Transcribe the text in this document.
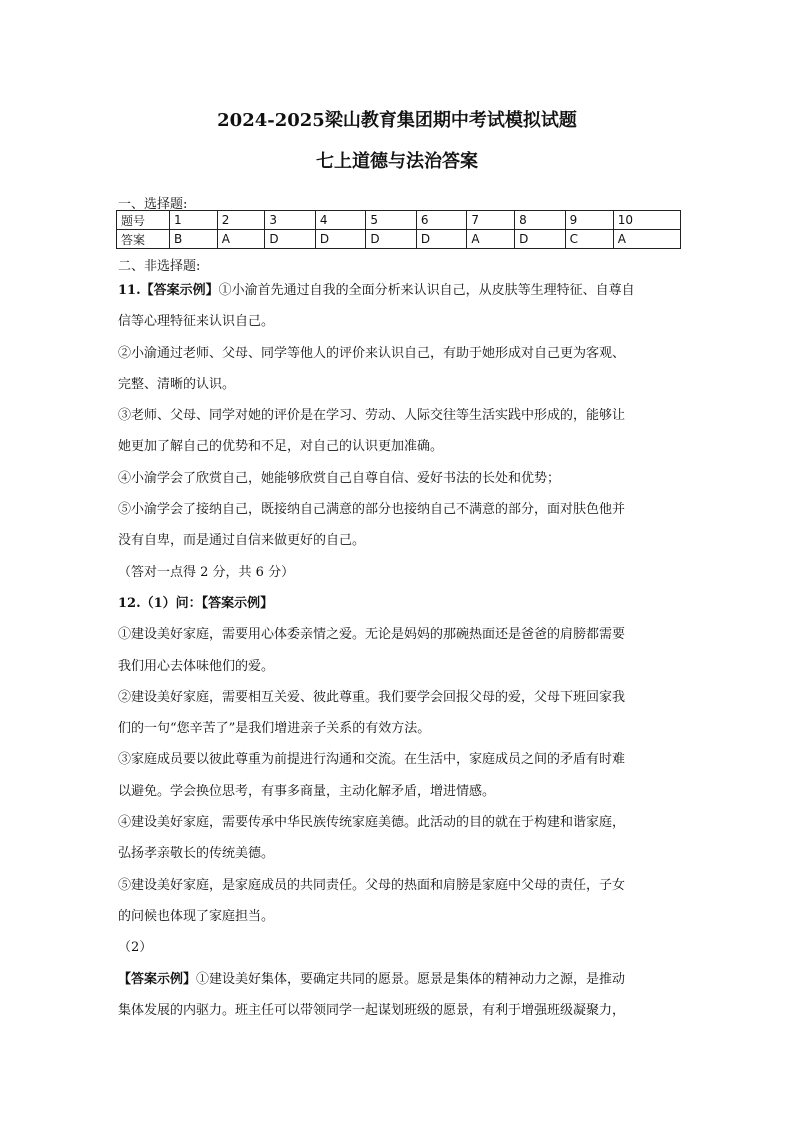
2024-2025梁山教育集团期中考试模拟试题
七上道德与法治答案
一、选择题:
题号	1	2	3	4	5	6	7	8	9	10
答案	B	A	D	D	D	D	A	D	C	A
二、非选择题:

11.【答案示例】①小渝首先通过自我的全面分析来认识自己，从皮肤等生理特征、自尊自

信等心理特征来认识自己。

②小渝通过老师、父母、同学等他人的评价来认识自己，有助于她形成对自己更为客观、

完整、清晰的认识。

③老师、父母、同学对她的评价是在学习、劳动、人际交往等生活实践中形成的，能够让

她更加了解自己的优势和不足，对自己的认识更加准确。

④小渝学会了欣赏自己，她能够欣赏自己自尊自信、爱好书法的长处和优势；

⑤小渝学会了接纳自己，既接纳自己满意的部分也接纳自己不满意的部分，面对肤色他并

没有自卑，而是通过自信来做更好的自己。

（答对一点得 2 分，共 6 分）

12.（1）问：【答案示例】

①建设美好家庭，需要用心体委亲情之爱。无论是妈妈的那碗热面还是爸爸的肩膀都需要

我们用心去体味他们的爱。

②建设美好家庭，需要相互关爱、彼此尊重。我们要学会回报父母的爱，父母下班回家我

们的一句“您辛苦了”是我们增进亲子关系的有效方法。

③家庭成员要以彼此尊重为前提进行沟通和交流。在生活中，家庭成员之间的矛盾有时难

以避免。学会换位思考，有事多商量，主动化解矛盾，增进情感。

④建设美好家庭，需要传承中华民族传统家庭美德。此活动的目的就在于构建和谐家庭，

弘扬孝亲敬长的传统美德。

⑤建设美好家庭，是家庭成员的共同责任。父母的热面和肩膀是家庭中父母的责任，子女

的问候也体现了家庭担当。

（2）

【答案示例】①建设美好集体，要确定共同的愿景。愿景是集体的精神动力之源，是推动

集体发展的内驱力。班主任可以带领同学一起谋划班级的愿景，有利于增强班级凝聚力，
